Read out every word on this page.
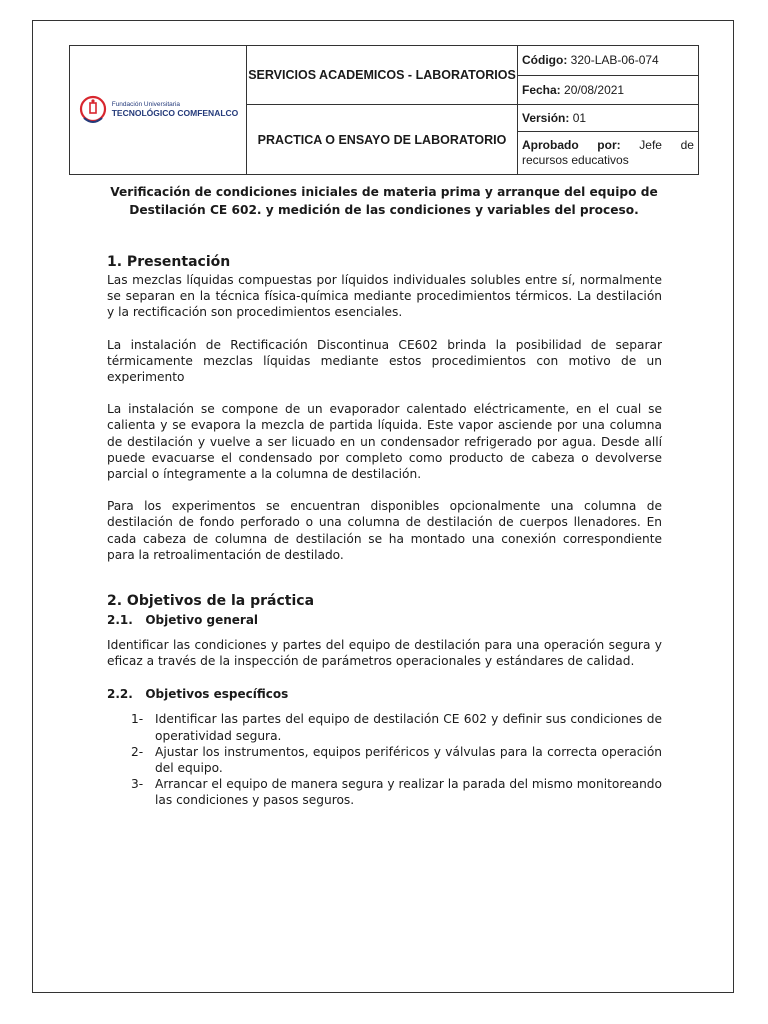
Fundación Universitaria
TECNOLÓGICO COMFENALCO	SERVICIOS ACADEMICOS - LABORATORIOS	Código: 320-LAB-06-074
		Fecha: 20/08/2021
	PRACTICA O ENSAYO DE LABORATORIO	Versión: 01
		Aprobado por: Jefe de recursos educativos
Verificación de condiciones iniciales de materia prima y arranque del equipo de Destilación CE 602. y medición de las condiciones y variables del proceso.
1. Presentación

Las mezclas líquidas compuestas por líquidos individuales solubles entre sí, normalmente se separan en la técnica física-química mediante procedimientos térmicos. La destilación y la rectificación son procedimientos esenciales.

La instalación de Rectificación Discontinua CE602 brinda la posibilidad de separar térmicamente mezclas líquidas mediante estos procedimientos con motivo de un experimento

La instalación se compone de un evaporador calentado eléctricamente, en el cual se calienta y se evapora la mezcla de partida líquida. Este vapor asciende por una columna de destilación y vuelve a ser licuado en un condensador refrigerado por agua. Desde allí puede evacuarse el condensado por completo como producto de cabeza o devolverse parcial o íntegramente a la columna de destilación.

Para los experimentos se encuentran disponibles opcionalmente una columna de destilación de fondo perforado o una columna de destilación de cuerpos llenadores. En cada cabeza de columna de destilación se ha montado una conexión correspondiente para la retroalimentación de destilado.

2. Objetivos de la práctica
2.1.   Objetivo general

Identificar las condiciones y partes del equipo de destilación para una operación segura y eficaz a través de la inspección de parámetros operacionales y estándares de calidad.

2.2.   Objetivos específicos
1- Identificar las partes del equipo de destilación CE 602 y definir sus condiciones de operatividad segura.
2- Ajustar los instrumentos, equipos periféricos y válvulas para la correcta operación del equipo.
3- Arrancar el equipo de manera segura y realizar la parada del mismo monitoreando las condiciones y pasos seguros.
